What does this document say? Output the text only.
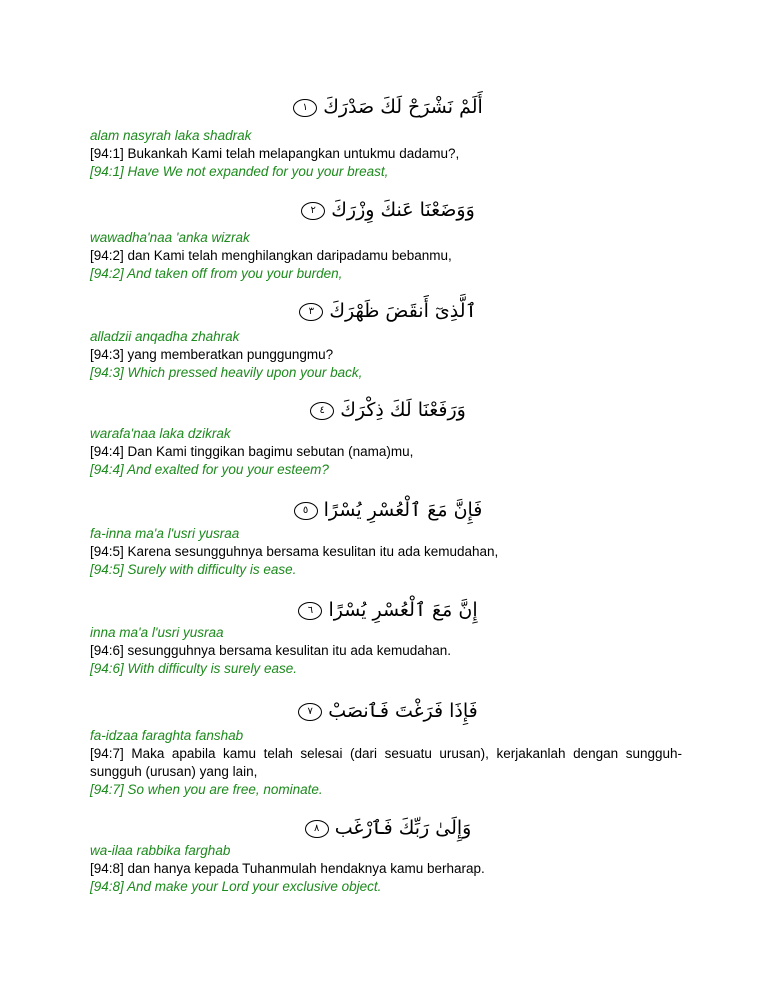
أَلَمْ نَشْرَحْ لَكَ صَدْرَكَ ١
alam nasyrah laka shadrak
[94:1] Bukankah Kami telah melapangkan untukmu dadamu?,
[94:1] Have We not expanded for you your breast,
وَوَضَعْنَا عَنكَ وِزْرَكَ ٢
wawadha'naa 'anka wizrak
[94:2] dan Kami telah menghilangkan daripadamu bebanmu,
[94:2] And taken off from you your burden,
ٱلَّذِىٓ أَنقَضَ ظَهْرَكَ ٣
alladzii anqadha zhahrak
[94:3] yang memberatkan punggungmu?
[94:3] Which pressed heavily upon your back,
وَرَفَعْنَا لَكَ ذِكْرَكَ ٤
warafa'naa laka dzikrak
[94:4] Dan Kami tinggikan bagimu sebutan (nama)mu,
[94:4] And exalted for you your esteem?
فَإِنَّ مَعَ ٱلْعُسْرِ يُسْرًا ٥
fa-inna ma'a l'usri yusraa
[94:5] Karena sesungguhnya bersama kesulitan itu ada kemudahan,
[94:5] Surely with difficulty is ease.
إِنَّ مَعَ ٱلْعُسْرِ يُسْرًا ٦
inna ma'a l'usri yusraa
[94:6] sesungguhnya bersama kesulitan itu ada kemudahan.
[94:6] With difficulty is surely ease.
فَإِذَا فَرَغْتَ فَٱنصَبْ ٧
fa-idzaa faraghta fanshab
[94:7] Maka apabila kamu telah selesai (dari sesuatu urusan), kerjakanlah dengan sungguh-sungguh (urusan) yang lain,
[94:7] So when you are free, nominate.
وَإِلَىٰ رَبِّكَ فَٱرْغَب ٨
wa-ilaa rabbika farghab
[94:8] dan hanya kepada Tuhanmulah hendaknya kamu berharap.
[94:8] And make your Lord your exclusive object.
